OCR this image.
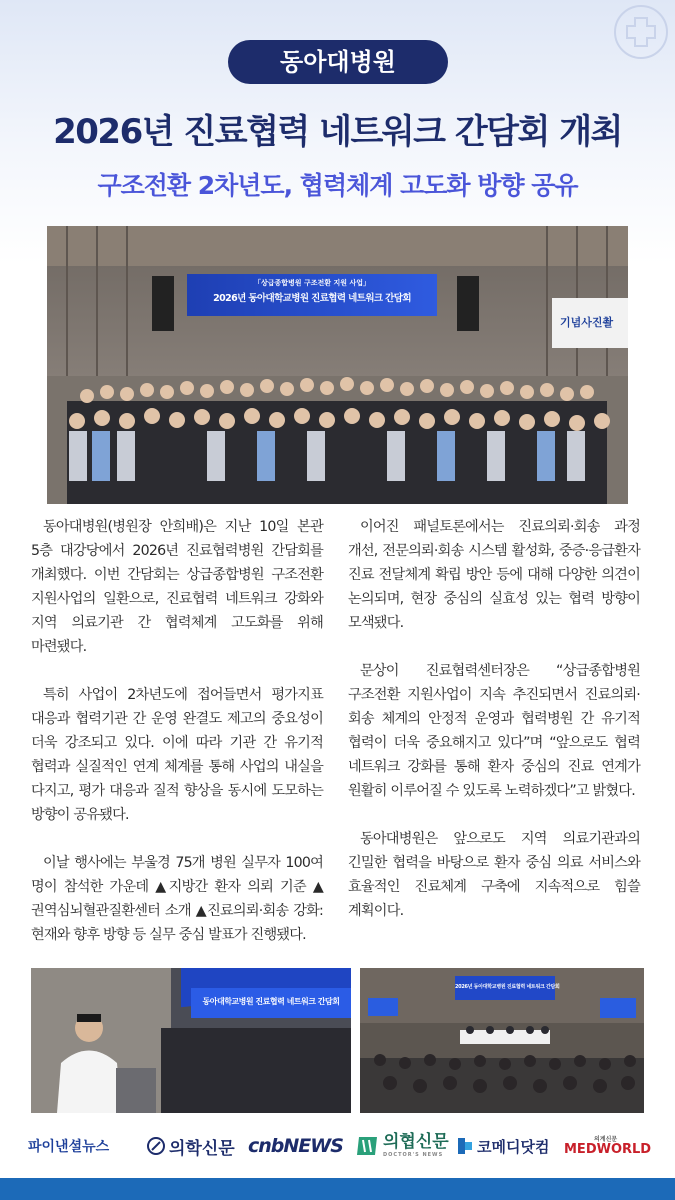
동아대병원
2026년 진료협력 네트워크 간담회 개최
구조전환 2차년도, 협력체계 고도화 방향 공유
「상급종합병원 구조전환 지원 사업」
2026년 동아대학교병원 진료협력 네트워크 간담회
기념사진촬

동아대병원(병원장 안희배)은 지난 10일 본관 5층 대강당에서 2026년 진료협력병원 간담회를 개최했다. 이번 간담회는 상급종합병원 구조전환 지원사업의 일환으로, 진료협력 네트워크 강화와 지역 의료기관 간 협력체계 고도화를 위해 마련됐다.

특히 사업이 2차년도에 접어들면서 평가지표 대응과 협력기관 간 운영 완결도 제고의 중요성이 더욱 강조되고 있다. 이에 따라 기관 간 유기적 협력과 실질적인 연계 체계를 통해 사업의 내실을 다지고, 평가 대응과 질적 향상을 동시에 도모하는 방향이 공유됐다.

이날 행사에는 부울경 75개 병원 실무자 100여 명이 참석한 가운데 ▲지방간 환자 의뢰 기준 ▲권역심뇌혈관질환센터 소개 ▲진료의뢰·회송 강화: 현재와 향후 방향 등 실무 중심 발표가 진행됐다.

이어진 패널토론에서는 진료의뢰·회송 과정 개선, 전문의뢰·회송 시스템 활성화, 중증·응급환자 진료 전달체계 확립 방안 등에 대해 다양한 의견이 논의되며, 현장 중심의 실효성 있는 협력 방향이 모색됐다.

문상이 진료협력센터장은 “상급종합병원 구조전환 지원사업이 지속 추진되면서 진료의뢰·회송 체계의 안정적 운영과 협력병원 간 유기적 협력이 더욱 중요해지고 있다”며 “앞으로도 협력 네트워크 강화를 통해 환자 중심의 진료 연계가 원활히 이루어질 수 있도록 노력하겠다”고 밝혔다.

동아대병원은 앞으로도 지역 의료기관과의 긴밀한 협력을 바탕으로 환자 중심 의료 서비스와 효율적인 진료체계 구축에 지속적으로 힘쓸 계획이다.

동아대학교병원 진료협력 네트워크 간담회
2026년 동아대학교병원 진료협력 네트워크 간담회
파이낸셜뉴스	의학신문 cnbNEWS 의협신문
DOCTOR'S NEWS	코메디닷컴	의계신문
MEDWORLD
